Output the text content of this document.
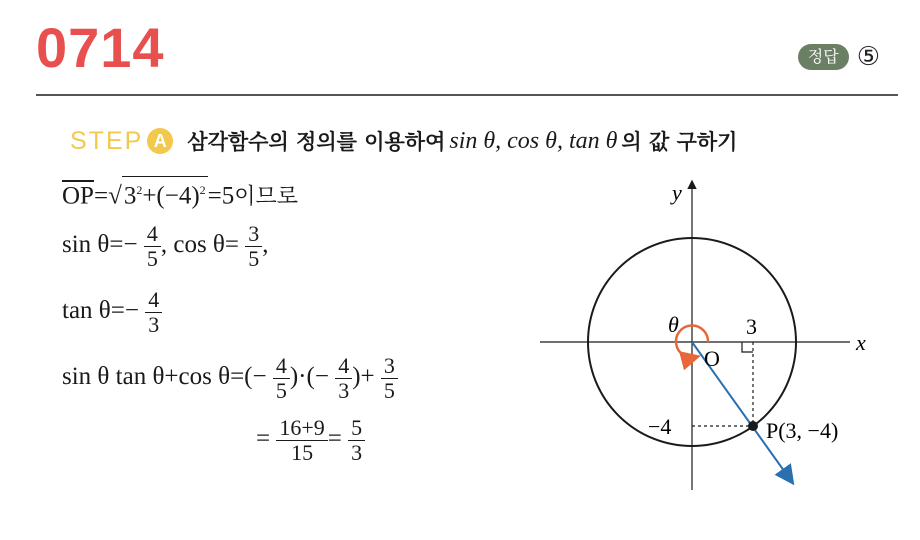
0714	정답 ⑤
STEP A 삼각함수의 정의를 이용하여 sin θ, cos θ, tan θ 의 값 구하기
$\overline{OP}=√3^2+(-4)^2=5$이므로
$\sin \theta=- \frac{4}{5}$ , $\cos \theta= \frac{3}{5}$ ,
$\tan \theta=- \frac{4}{3}$
sin θ tan θ+cos $\theta=(- \frac{4}{5}$ )·(− $\frac{4}{3}$ )+ $\frac{3}{5}$
= $\frac{16+9}{15} = \frac{5}{3}$
x
y
O
θ	3
−4	P(3, −4)
